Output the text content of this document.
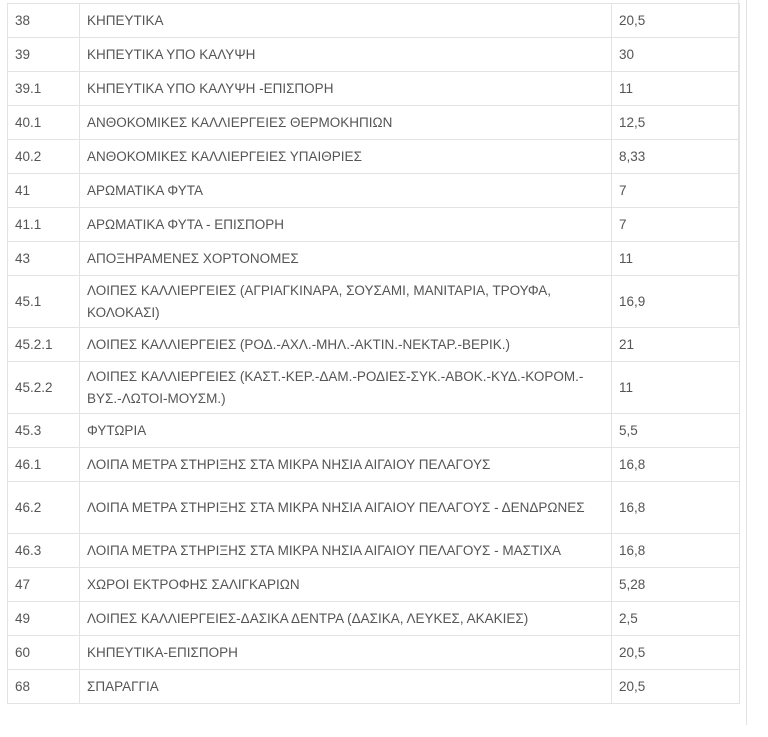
38	ΚΗΠΕΥΤΙΚΑ	20,5
39	ΚΗΠΕΥΤΙΚΑ ΥΠΟ ΚΑΛΥΨΗ	30
39.1	ΚΗΠΕΥΤΙΚΑ ΥΠΟ ΚΑΛΥΨΗ -ΕΠΙΣΠΟΡΗ	11
40.1	ΑΝΘΟΚΟΜΙΚΕΣ ΚΑΛΛΙΕΡΓΕΙΕΣ ΘΕΡΜΟΚΗΠΙΩΝ	12,5
40.2	ΑΝΘΟΚΟΜΙΚΕΣ ΚΑΛΛΙΕΡΓΕΙΕΣ ΥΠΑΙΘΡΙΕΣ	8,33
41	ΑΡΩΜΑΤΙΚΑ ΦΥΤΑ	7
41.1	ΑΡΩΜΑΤΙΚΑ ΦΥΤΑ - ΕΠΙΣΠΟΡΗ	7
43	ΑΠΟΞΗΡΑΜΕΝΕΣ ΧΟΡΤΟΝΟΜΕΣ	11
45.1	ΛΟΙΠΕΣ ΚΑΛΛΙΕΡΓΕΙΕΣ (ΑΓΡΙΑΓΚΙΝΑΡΑ, ΣΟΥΣΑΜΙ, ΜΑΝΙΤΑΡΙΑ, ΤΡΟΥΦΑ, ΚΟΛΟΚΑΣΙ)	16,9
45.2.1	ΛΟΙΠΕΣ ΚΑΛΛΙΕΡΓΕΙΕΣ (ΡΟΔ.-ΑΧΛ.-ΜΗΛ.-ΑΚΤΙΝ.-ΝΕΚΤΑΡ.-ΒΕΡΙΚ.)	21
45.2.2	ΛΟΙΠΕΣ ΚΑΛΛΙΕΡΓΕΙΕΣ (ΚΑΣΤ.-ΚΕΡ.-ΔΑΜ.-ΡΟΔΙΕΣ-ΣΥΚ.-ΑΒΟΚ.-ΚΥΔ.-ΚΟΡΟΜ.-ΒΥΣ.-ΛΩΤΟΙ-ΜΟΥΣΜ.)	11
45.3	ΦΥΤΩΡΙΑ	5,5
46.1	ΛΟΙΠΑ ΜΕΤΡΑ ΣΤΗΡΙΞΗΣ ΣΤΑ ΜΙΚΡΑ ΝΗΣΙΑ ΑΙΓΑΙΟΥ ΠΕΛΑΓΟΥΣ	16,8
46.2	ΛΟΙΠΑ ΜΕΤΡΑ ΣΤΗΡΙΞΗΣ ΣΤΑ ΜΙΚΡΑ ΝΗΣΙΑ ΑΙΓΑΙΟΥ ΠΕΛΑΓΟΥΣ - ΔΕΝΔΡΩΝΕΣ	16,8
46.3	ΛΟΙΠΑ ΜΕΤΡΑ ΣΤΗΡΙΞΗΣ ΣΤΑ ΜΙΚΡΑ ΝΗΣΙΑ ΑΙΓΑΙΟΥ ΠΕΛΑΓΟΥΣ - ΜΑΣΤΙΧΑ	16,8
47	ΧΩΡΟΙ ΕΚΤΡΟΦΗΣ ΣΑΛΙΓΚΑΡΙΩΝ	5,28
49	ΛΟΙΠΕΣ ΚΑΛΛΙΕΡΓΕΙΕΣ-ΔΑΣΙΚΑ ΔΕΝΤΡΑ (ΔΑΣΙΚΑ, ΛΕΥΚΕΣ, ΑΚΑΚΙΕΣ)	2,5
60	ΚΗΠΕΥΤΙΚΑ-ΕΠΙΣΠΟΡΗ	20,5
68	ΣΠΑΡΑΓΓΙΑ	20,5
